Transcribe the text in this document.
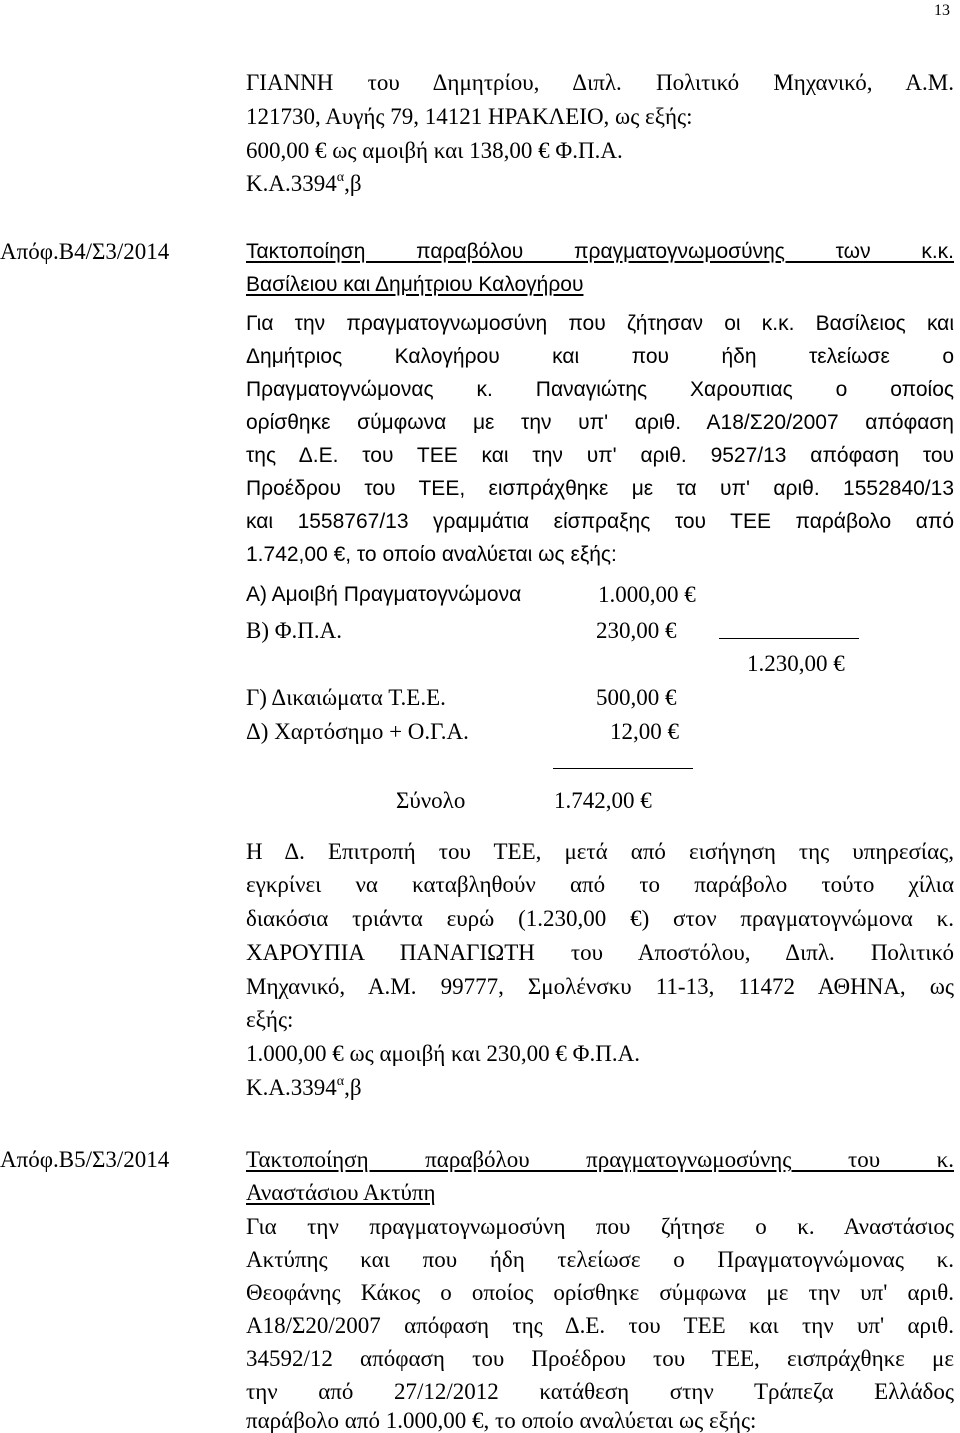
13
ΓΙΑΝΝΗ του Δημητρίου, Διπλ. Πολιτικό Μηχανικό, Α.Μ.
121730, Αυγής 79, 14121 ΗΡΑΚΛΕΙΟ, ως εξής:
600,00 € ως αμοιβή και 138,00 € Φ.Π.Α.
$K.A.3394^\alpha,\beta$
Απόφ.Β4/Σ3/2014	Τακτοποίηση παραβόλου πραγματογνωμοσύνης των κ.κ.
Βασίλειου και Δημήτριου Καλογήρου
Για την πραγματογνωμοσύνη που ζήτησαν οι κ.κ. Βασίλειος και
Δημήτριος Καλογήρου και που ήδη τελείωσε ο
Πραγματογνώμονας κ. Παναγιώτης Χαρουπιας ο οποίος
ορίσθηκε σύμφωνα με την υπ' αριθ. Α18/Σ20/2007 απόφαση
της Δ.Ε. του ΤΕΕ και την υπ' αριθ. 9527/13 απόφαση του
Προέδρου του ΤΕΕ, εισπράχθηκε με τα υπ' αριθ. 1552840/13
και 1558767/13 γραμμάτια είσπραξης του ΤΕΕ παράβολο από
1.742,00 €, το οποίο αναλύεται ως εξής:
Α) Αμοιβή Πραγματογνώμονα	1.000,00 €
Β) Φ.Π.Α.	230,00 €
1.230,00 €
Γ) Δικαιώματα Τ.Ε.Ε.	500,00 €
Δ) Χαρτόσημο + Ο.Γ.Α.	12,00 €
Σύνολο	1.742,00 €
Η Δ. Επιτροπή του ΤΕΕ, μετά από εισήγηση της υπηρεσίας,
εγκρίνει να καταβληθούν από το παράβολο τούτο χίλια
διακόσια τριάντα ευρώ (1.230,00 €) στον πραγματογνώμονα κ.
ΧΑΡΟΥΠΙΑ ΠΑΝΑΓΙΩΤΗ του Αποστόλου, Διπλ. Πολιτικό
Μηχανικό, Α.Μ. 99777, Σμολένσκυ 11-13, 11472 ΑΘΗΝΑ, ως
εξής:
1.000,00 € ως αμοιβή και 230,00 € Φ.Π.Α.
$K.A.3394^\alpha,\beta$
Απόφ.Β5/Σ3/2014	Τακτοποίηση παραβόλου πραγματογνωμοσύνης του κ.
Αναστάσιου Ακτύπη
Για την πραγματογνωμοσύνη που ζήτησε ο κ. Αναστάσιος
Ακτύπης και που ήδη τελείωσε ο Πραγματογνώμονας κ.
Θεοφάνης Κάκος ο οποίος ορίσθηκε σύμφωνα με την υπ' αριθ.
Α18/Σ20/2007 απόφαση της Δ.Ε. του ΤΕΕ και την υπ' αριθ.
34592/12 απόφαση του Προέδρου του ΤΕΕ, εισπράχθηκε με
την από 27/12/2012 κατάθεση στην Τράπεζα Ελλάδος
παράβολο από 1.000,00 €, το οποίο αναλύεται ως εξής:
